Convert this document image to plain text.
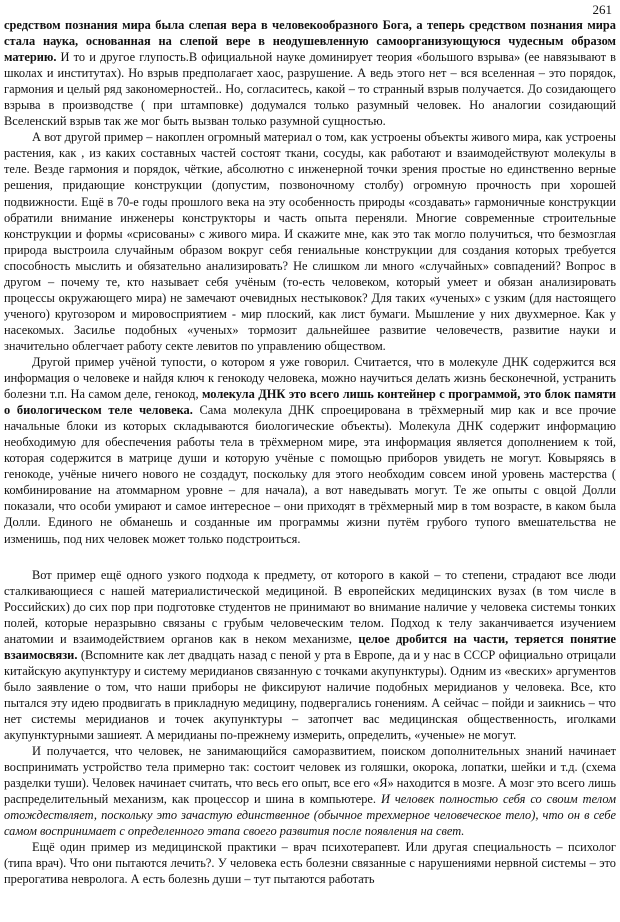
261

средством познания мира была слепая вера в человекообразного Бога, а теперь средством познания мира стала наука, основанная на слепой вере в неодушевленную самоорганизующуюся чудесным образом материю. И то и другое глупость.В официальной науке доминирует теория «большого взрыва» (ее навязывают в школах и институтах). Но взрыв предполагает хаос, разрушение. А ведь этого нет – вся вселенная – это порядок, гармония и целый ряд закономерностей.. Но, согласитесь, какой – то странный взрыв получается. До созидающего взрыва в производстве ( при штамповке) додумался только разумный человек. Но аналогии созидающий Вселенский взрыв так же мог быть вызван только разумной сущностью.

А вот другой пример – накоплен огромный материал о том, как устроены объекты живого мира, как устроены растения, как , из каких составных частей состоят ткани, сосуды, как работают и взаимодействуют молекулы в теле. Везде гармония и порядок, чёткие, абсолютно с инженерной точки зрения простые но единственно верные решения, придающие конструкции (допустим, позвоночному столбу) огромную прочность при хорошей подвижности. Ещё в 70-е годы прошлого века на эту особенность природы «создавать» гармоничные конструкции обратили внимание инженеры конструкторы и часть опыта переняли. Многие современные строительные конструкции и формы «срисованы» с живого мира. И скажите мне, как это так могло получиться, что безмозглая природа выстроила случайным образом вокруг себя гениальные конструкции для создания которых требуется способность мыслить и обязательно анализировать? Не слишком ли много «случайных» совпадений? Вопрос в другом – почему те, кто называет себя учёным (то-есть человеком, который умеет и обязан анализировать процессы окружающего мира) не замечают очевидных нестыковок? Для таких «ученых» с узким (для настоящего ученого) кругозором и мировосприятием - мир плоский, как лист бумаги. Мышление у них двухмерное. Как у насекомых. Засилье подобных «ученых» тормозит дальнейшее развитие человечеств, развитие науки и значительно облегчает работу секте левитов по управлению обществом.

Другой пример учёной тупости, о котором я уже говорил. Считается, что в молекуле ДНК содержится вся информация о человеке и найдя ключ к генокоду человека, можно научиться делать жизнь бесконечной, устранить болезни т.п. На самом деле, генокод, молекула ДНК это всего лишь контейнер с программой, это блок памяти о биологическом теле человека. Сама молекула ДНК спроецирована в трёхмерный мир как и все прочие начальные блоки из которых складываются биологические объекты). Молекула ДНК содержит информацию необходимую для обеспечения работы тела в трёхмерном мире, эта информация является дополнением к той, которая содержится в матрице души и которую учёные с помощью приборов увидеть не могут. Ковыряясь в генокоде, учёные ничего нового не создадут, поскольку для этого необходим совсем иной уровень мастерства ( комбинирование на атоммарном уровне – для начала), а вот наведывать могут. Те же опыты с овцой Долли показали, что особи умирают и самое интересное – они приходят в трёхмерный мир в том возрасте, в каком была Долли. Единого не обманешь и созданные им программы жизни путём грубого тупого вмешательства не изменишь, под них человек может только подстроиться.

Вот пример ещё одного узкого подхода к предмету, от которого в какой – то степени, страдают все люди сталкивающиеся с нашей материалистической медициной. В европейских медицинских вузах (в том числе в Российских) до сих пор при подготовке студентов не принимают во внимание наличие у человека системы тонких полей, которые неразрывно связаны с грубым человеческим телом. Подход к телу заканчивается изучением анатомии и взаимодействием органов как в неком механизме, целое дробится на части, теряется понятие взаимосвязи. (Вспомните как лет двадцать назад с пеной у рта в Европе, да и у нас в СССР официально отрицали китайскую акупунктуру и систему меридианов связанную с точками акупунктуры). Одним из «веских» аргументов было заявление о том, что наши приборы не фиксируют наличие подобных меридианов у человека. Все, кто пытался эту идею продвигать в прикладную медицину, подвергались гонениям. А сейчас – пойди и заикнись – что нет системы меридианов и точек акупунктуры – затопчет вас медицинская общественность, иголками акупунктурными зашиеят. А меридианы по-прежнему измерить, определить, «ученые» не могут.

И получается, что человек, не занимающийся саморазвитием, поиском дополнительных знаний начинает воспринимать устройство тела примерно так: состоит человек из голяшки, окорока, лопатки, шейки и т.д. (схема разделки туши). Человек начинает считать, что весь его опыт, все его «Я» находится в мозге. А мозг это всего лишь распределительный механизм, как процессор и шина в компьютере. И человек полностью себя со своим телом отождествляет, поскольку это зачастую единственное (обычное трехмерное человеческое тело), что он в себе самом воспринимает с определенного этапа своего развития после появления на свет.

Ещё один пример из медицинской практики – врач психотерапевт. Или другая специальность – психолог (типа врач). Что они пытаются лечить?. У человека есть болезни связанные с нарушениями нервной системы – это прерогатива невролога. А есть болезнь души – тут пытаются работать
